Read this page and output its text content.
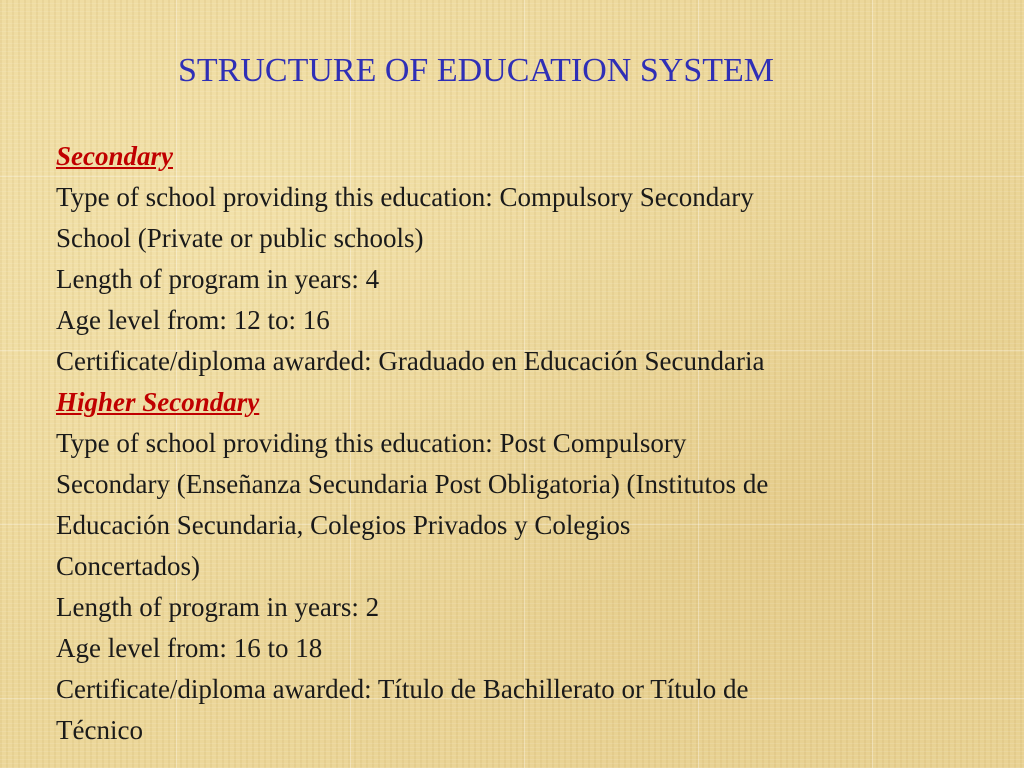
STRUCTURE OF EDUCATION SYSTEM
Secondary
Type of school providing this education: Compulsory Secondary
School (Private or public schools)
Length of program in years: 4
Age level from: 12 to: 16
Certificate/diploma awarded: Graduado en Educación Secundaria
Higher Secondary
Type of school providing this education: Post Compulsory
Secondary (Enseñanza Secundaria Post Obligatoria) (Institutos de
Educación Secundaria, Colegios Privados y Colegios
Concertados)
Length of program in years: 2
Age level from: 16 to 18
Certificate/diploma awarded: Título de Bachillerato or Título de
Técnico
